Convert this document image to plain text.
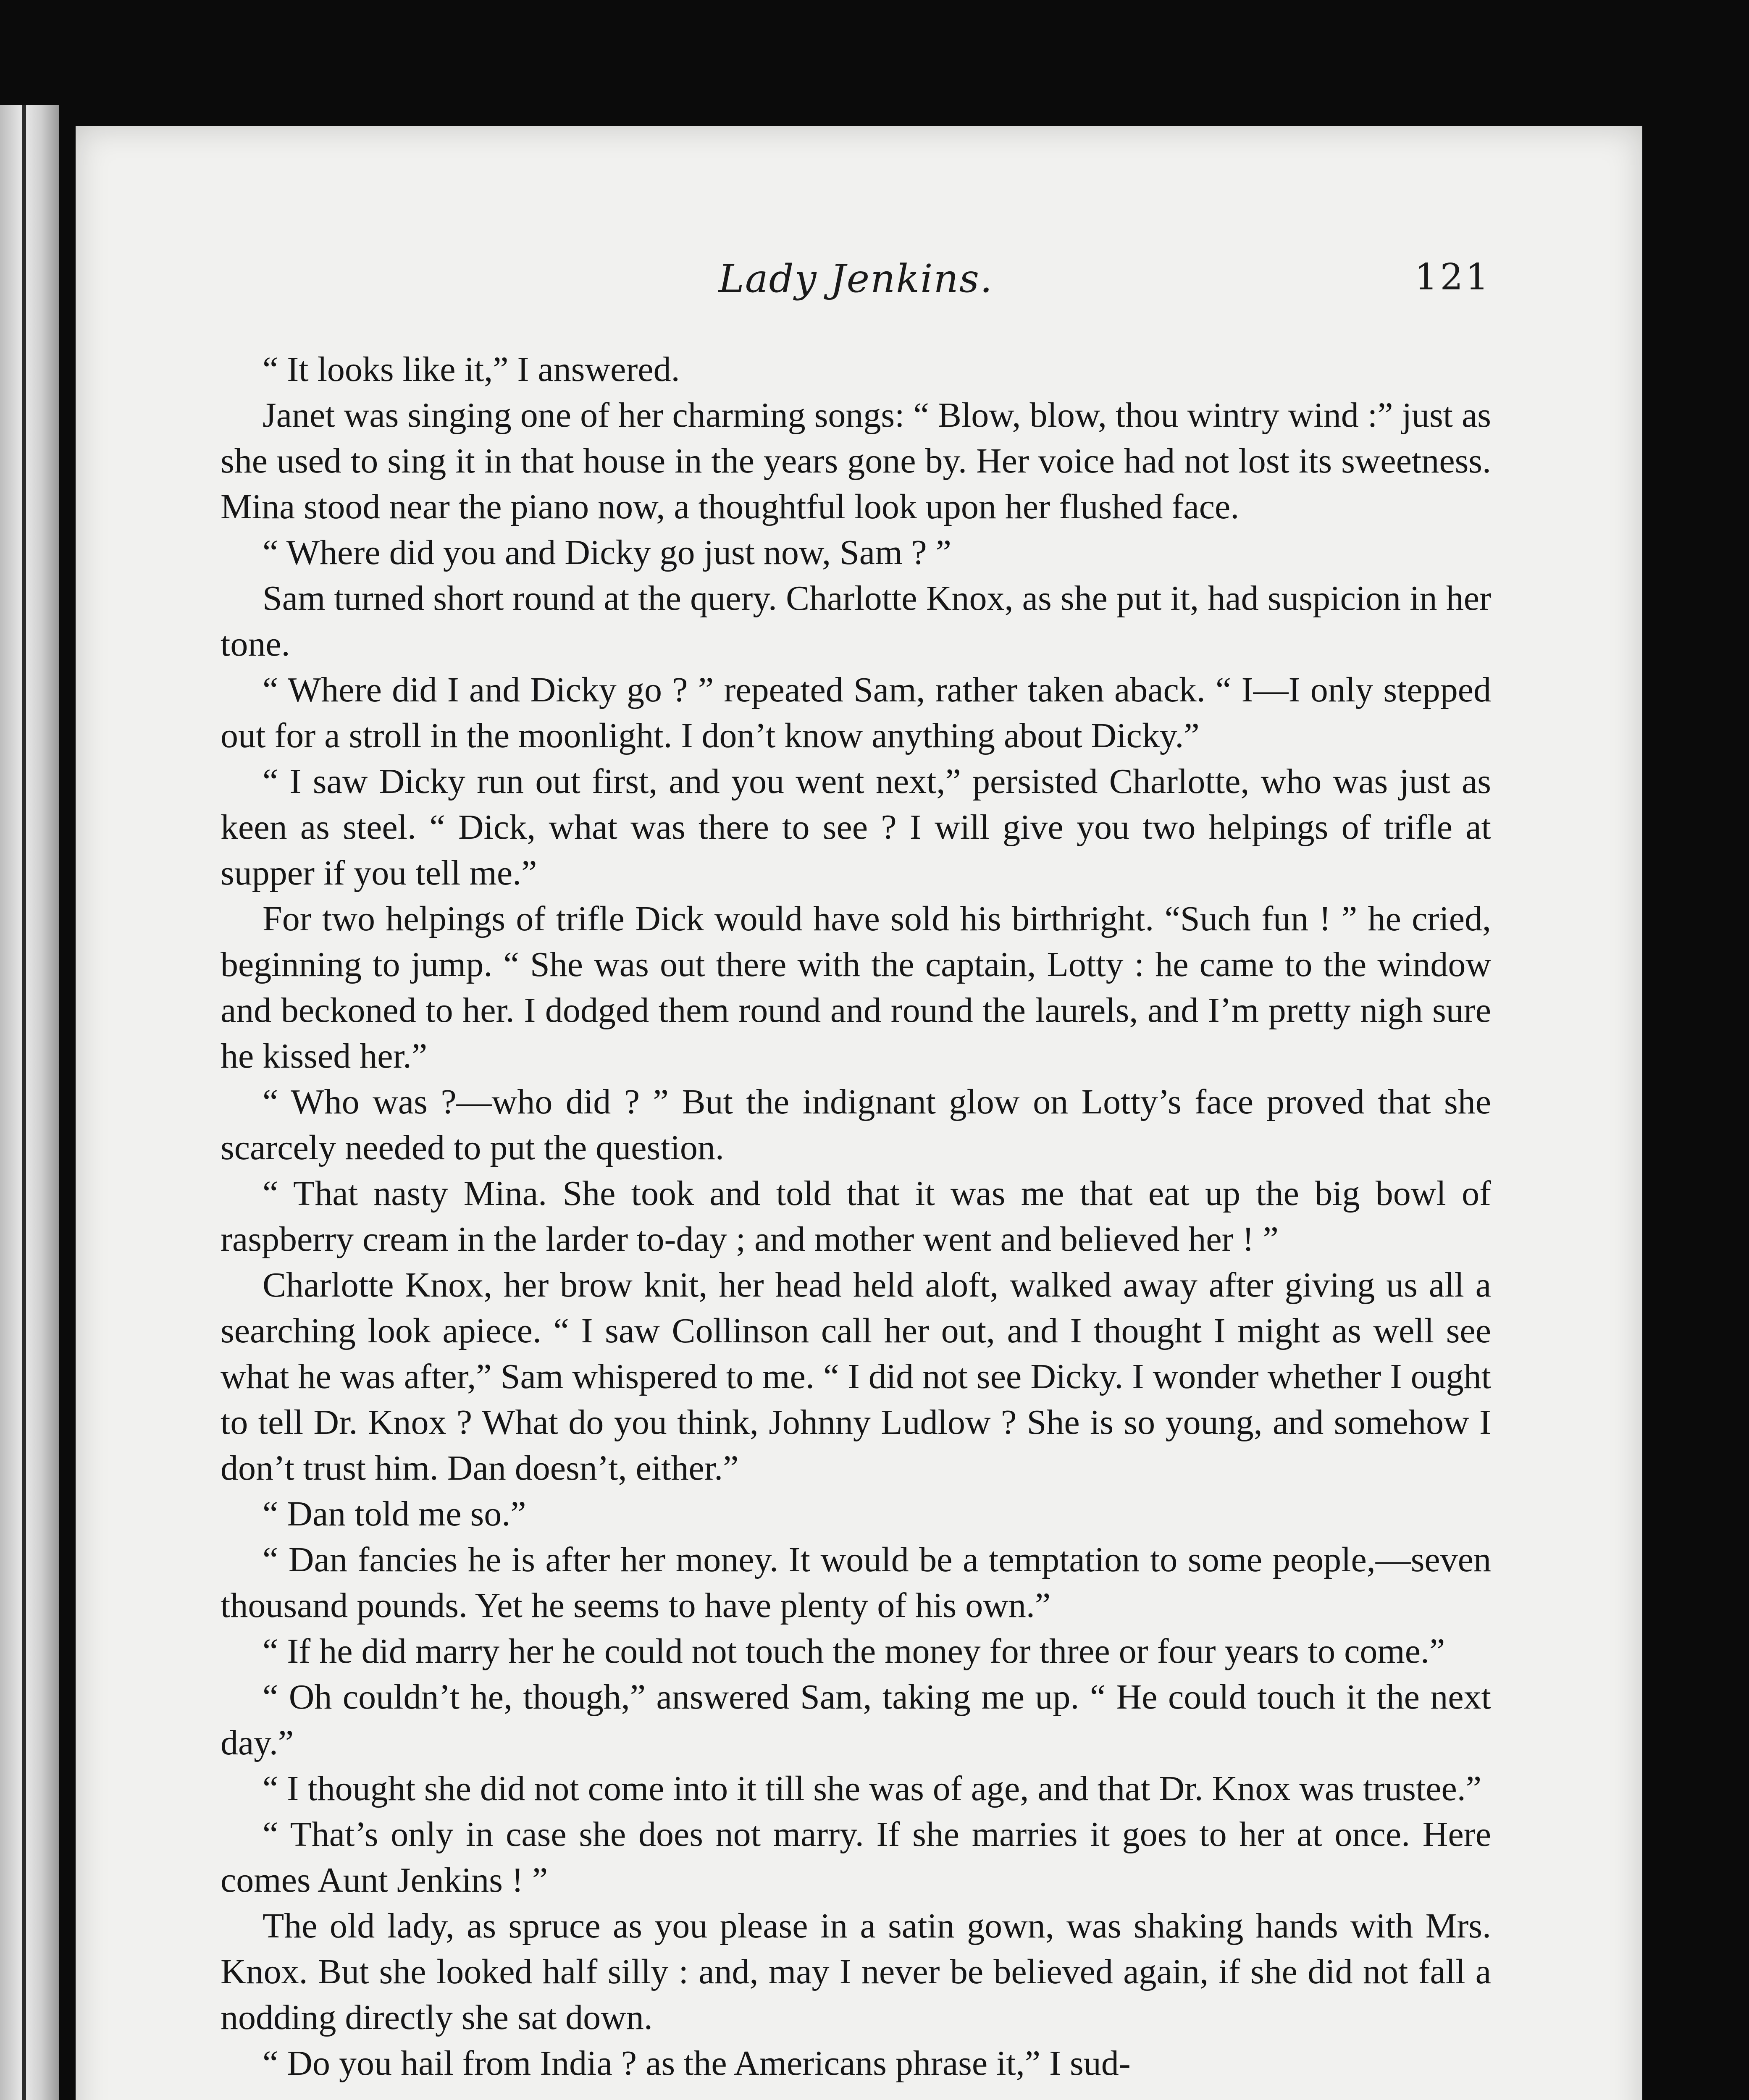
Lady Jenkins.	121

“ It looks like it,” I answered.

Janet was singing one of her charming songs: “ Blow, blow, thou wintry wind :” just as she used to sing it in that house in the years gone by. Her voice had not lost its sweetness. Mina stood near the piano now, a thoughtful look upon her flushed face.

“ Where did you and Dicky go just now, Sam ? ”

Sam turned short round at the query. Charlotte Knox, as she put it, had suspicion in her tone.

“ Where did I and Dicky go ? ” repeated Sam, rather taken aback. “ I—I only stepped out for a stroll in the moonlight. I don’t know anything about Dicky.”

“ I saw Dicky run out first, and you went next,” persisted Charlotte, who was just as keen as steel. “ Dick, what was there to see ? I will give you two helpings of trifle at supper if you tell me.”

For two helpings of trifle Dick would have sold his birthright. “Such fun ! ” he cried, beginning to jump. “ She was out there with the captain, Lotty : he came to the window and beckoned to her. I dodged them round and round the laurels, and I’m pretty nigh sure he kissed her.”

“ Who was ?—who did ? ” But the indignant glow on Lotty’s face proved that she scarcely needed to put the question.

“ That nasty Mina. She took and told that it was me that eat up the big bowl of raspberry cream in the larder to-day ; and mother went and believed her ! ”

Charlotte Knox, her brow knit, her head held aloft, walked away after giving us all a searching look apiece. “ I saw Collinson call her out, and I thought I might as well see what he was after,” Sam whispered to me. “ I did not see Dicky. I wonder whether I ought to tell Dr. Knox ? What do you think, Johnny Ludlow ? She is so young, and somehow I don’t trust him. Dan doesn’t, either.”

“ Dan told me so.”

“ Dan fancies he is after her money. It would be a temptation to some people,—seven thousand pounds. Yet he seems to have plenty of his own.”

“ If he did marry her he could not touch the money for three or four years to come.”

“ Oh couldn’t he, though,” answered Sam, taking me up. “ He could touch it the next day.”

“ I thought she did not come into it till she was of age, and that Dr. Knox was trustee.”

“ That’s only in case she does not marry. If she marries it goes to her at once. Here comes Aunt Jenkins ! ”

The old lady, as spruce as you please in a satin gown, was shaking hands with Mrs. Knox. But she looked half silly : and, may I never be believed again, if she did not fall a nodding directly she sat down.

“ Do you hail from India ? as the Americans phrase it,” I sud-
